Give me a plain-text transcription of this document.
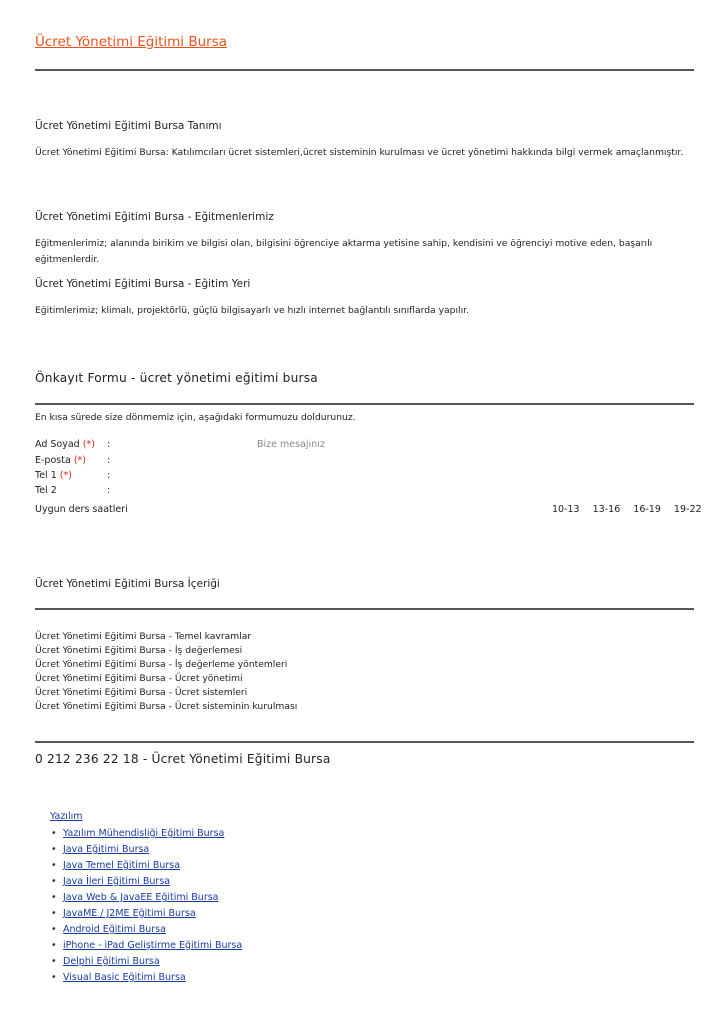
Ücret Yönetimi Eğitimi Bursa
Ücret Yönetimi Eğitimi Bursa Tanımı
Ücret Yönetimi Eğitimi Bursa: Katılımcıları ücret sistemleri,ücret sisteminin kurulması ve ücret yönetimi hakkında bilgi vermek amaçlanmıştır.
Ücret Yönetimi Eğitimi Bursa - Eğitmenlerimiz
Eğitmenlerimiz; alanında birikim ve bilgisi olan, bilgisini öğrenciye aktarma yetisine sahip, kendisini ve öğrenciyi motive eden, başarılı eğitmenlerdir.
Ücret Yönetimi Eğitimi Bursa - Eğitim Yeri
Eğitimlerimiz; klimalı, projektörlü, güçlü bilgisayarlı ve hızlı internet bağlantılı sınıflarda yapılır.
Önkayıt Formu - ücret yönetimi eğitimi bursa
En kısa sürede size dönmemiz için, aşağıdaki formumuzu doldurunuz.
Ad Soyad (*) :	Bize mesajınız
E-posta (*) :
Tel 1 (*)	:
Tel 2	:
Uygun ders saatleri	10-13 13-16 16-19 19-22
Ücret Yönetimi Eğitimi Bursa İçeriği
Ücret Yönetimi Eğitimi Bursa - Temel kavramlar
Ücret Yönetimi Eğitimi Bursa - İş değerlemesi
Ücret Yönetimi Eğitimi Bursa - İş değerleme yöntemleri
Ücret Yönetimi Eğitimi Bursa - Ücret yönetimi
Ücret Yönetimi Eğitimi Bursa - Ücret sistemleri
Ücret Yönetimi Eğitimi Bursa - Ücret sisteminin kurulması
0 212 236 22 18 - Ücret Yönetimi Eğitimi Bursa
Yazılım
• Yazılım Mühendisliği Eğitimi Bursa
• Java Eğitimi Bursa
• Java Temel Eğitimi Bursa
• Java İleri Eğitimi Bursa
• Java Web & JavaEE Eğitimi Bursa
• JavaME / J2ME Eğitimi Bursa
• Android Eğitimi Bursa
• iPhone - iPad Geliştirme Eğitimi Bursa
• Delphi Eğitimi Bursa
• Visual Basic Eğitimi Bursa
